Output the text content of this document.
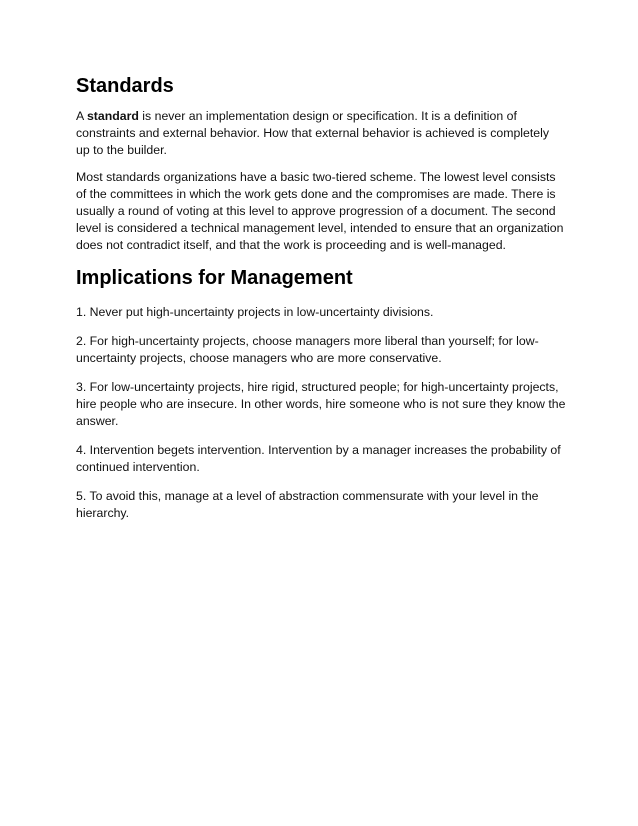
Standards

A standard is never an implementation design or specification. It is a definition of constraints and external behavior. How that external behavior is achieved is completely up to the builder.

Most standards organizations have a basic two-tiered scheme. The lowest level consists of the committees in which the work gets done and the compromises are made. There is usually a round of voting at this level to approve progression of a document. The second level is considered a technical management level, intended to ensure that an organization does not contradict itself, and that the work is proceeding and is well-managed.

Implications for Management

1. Never put high-uncertainty projects in low-uncertainty divisions.

2. For high-uncertainty projects, choose managers more liberal than yourself; for low-uncertainty projects, choose managers who are more conservative.

3. For low-uncertainty projects, hire rigid, structured people; for high-uncertainty projects, hire people who are insecure. In other words, hire someone who is not sure they know the answer.

4. Intervention begets intervention. Intervention by a manager increases the probability of continued intervention.

5. To avoid this, manage at a level of abstraction commensurate with your level in the hierarchy.
